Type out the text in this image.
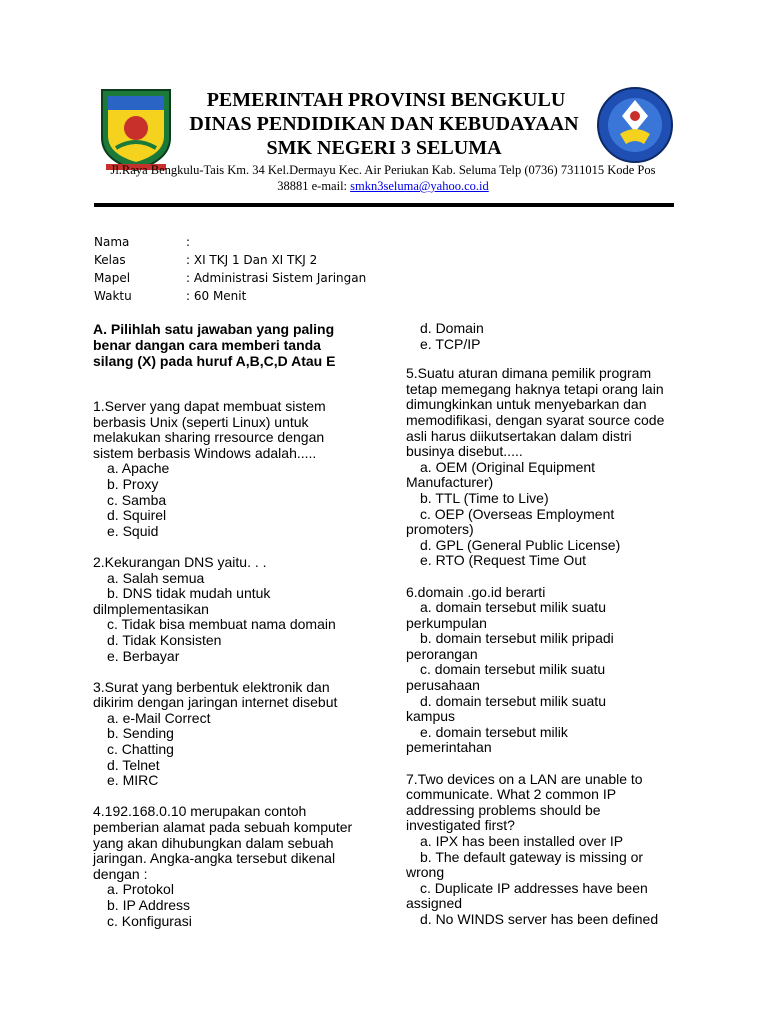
PEMERINTAH PROVINSI BENGKULU
DINAS PENDIDIKAN DAN KEBUDAYAAN
SMK NEGERI 3 SELUMA
Jl.Raya Bengkulu-Tais Km. 34 Kel.Dermayu Kec. Air Periukan Kab. Seluma Telp (0736) 7311015 Kode Pos
38881 e-mail: smkn3seluma@yahoo.co.id
Nama	:
Kelas	: XI TKJ 1 Dan XI TKJ 2
Mapel	: Administrasi Sistem Jaringan
Waktu	: 60 Menit

A. Pilihlah satu jawaban yang paling

benar dangan cara memberi tanda

silang (X) pada huruf A,B,C,D Atau E

1.Server yang dapat membuat sistem

berbasis Unix (seperti Linux) untuk

melakukan sharing rresource dengan

sistem berbasis Windows adalah.....

a. Apache

b. Proxy

c. Samba

d. Squirel

e. Squid

2.Kekurangan DNS yaitu. . .

a. Salah semua

b. DNS tidak mudah untuk

dilmplementasikan

c. Tidak bisa membuat nama domain

d. Tidak Konsisten

e. Berbayar

3.Surat yang berbentuk elektronik dan

dikirim dengan jaringan internet disebut

a. e-Mail Correct

b. Sending

c. Chatting

d. Telnet

e. MIRC

4.192.168.0.10 merupakan contoh

pemberian alamat pada sebuah komputer

yang akan dihubungkan dalam sebuah

jaringan. Angka-angka tersebut dikenal

dengan :

a. Protokol

b. IP Address

c. Konfigurasi

d. Domain

e. TCP/IP

5.Suatu aturan dimana pemilik program

tetap memegang haknya tetapi orang lain

dimungkinkan untuk menyebarkan dan

memodifikasi, dengan syarat source code

asli harus diikutsertakan dalam distri

businya disebut.....

a. OEM (Original Equipment

Manufacturer)

b. TTL (Time to Live)

c. OEP (Overseas Employment

promoters)

d. GPL (General Public License)

e. RTO (Request Time Out

6.domain .go.id berarti

a. domain tersebut milik suatu

perkumpulan

b. domain tersebut milik pripadi

perorangan

c. domain tersebut milik suatu

perusahaan

d. domain tersebut milik suatu

kampus

e. domain tersebut milik

pemerintahan

7.Two devices on a LAN are unable to

communicate. What 2 common IP

addressing problems should be

investigated first?

a. IPX has been installed over IP

b. The default gateway is missing or

wrong

c. Duplicate IP addresses have been

assigned

d. No WINDS server has been defined
